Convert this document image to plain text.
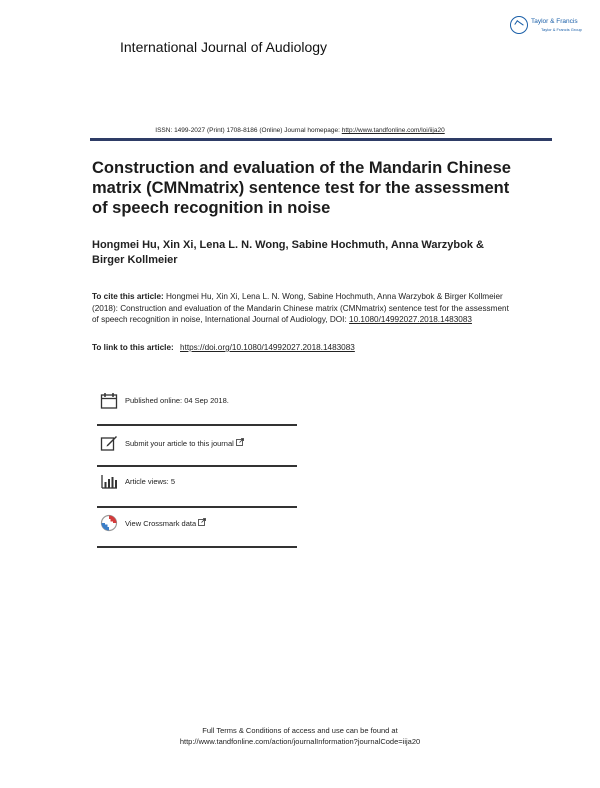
Taylor & Francis
Taylor & Francis Group
International Journal of Audiology
ISSN: 1499-2027 (Print) 1708-8186 (Online) Journal homepage: http://www.tandfonline.com/loi/iija20
Construction and evaluation of the Mandarin Chinese matrix (CMNmatrix) sentence test for the assessment of speech recognition in noise
Hongmei Hu, Xin Xi, Lena L. N. Wong, Sabine Hochmuth, Anna Warzybok & Birger Kollmeier
To cite this article: Hongmei Hu, Xin Xi, Lena L. N. Wong, Sabine Hochmuth, Anna Warzybok & Birger Kollmeier (2018): Construction and evaluation of the Mandarin Chinese matrix (CMNmatrix) sentence test for the assessment of speech recognition in noise, International Journal of Audiology, DOI: 10.1080/14992027.2018.1483083
To link to this article: https://doi.org/10.1080/14992027.2018.1483083
Published online: 04 Sep 2018.
Submit your article to this journal
Article views: 5
View Crossmark data
Full Terms & Conditions of access and use can be found at
http://www.tandfonline.com/action/journalInformation?journalCode=iija20
